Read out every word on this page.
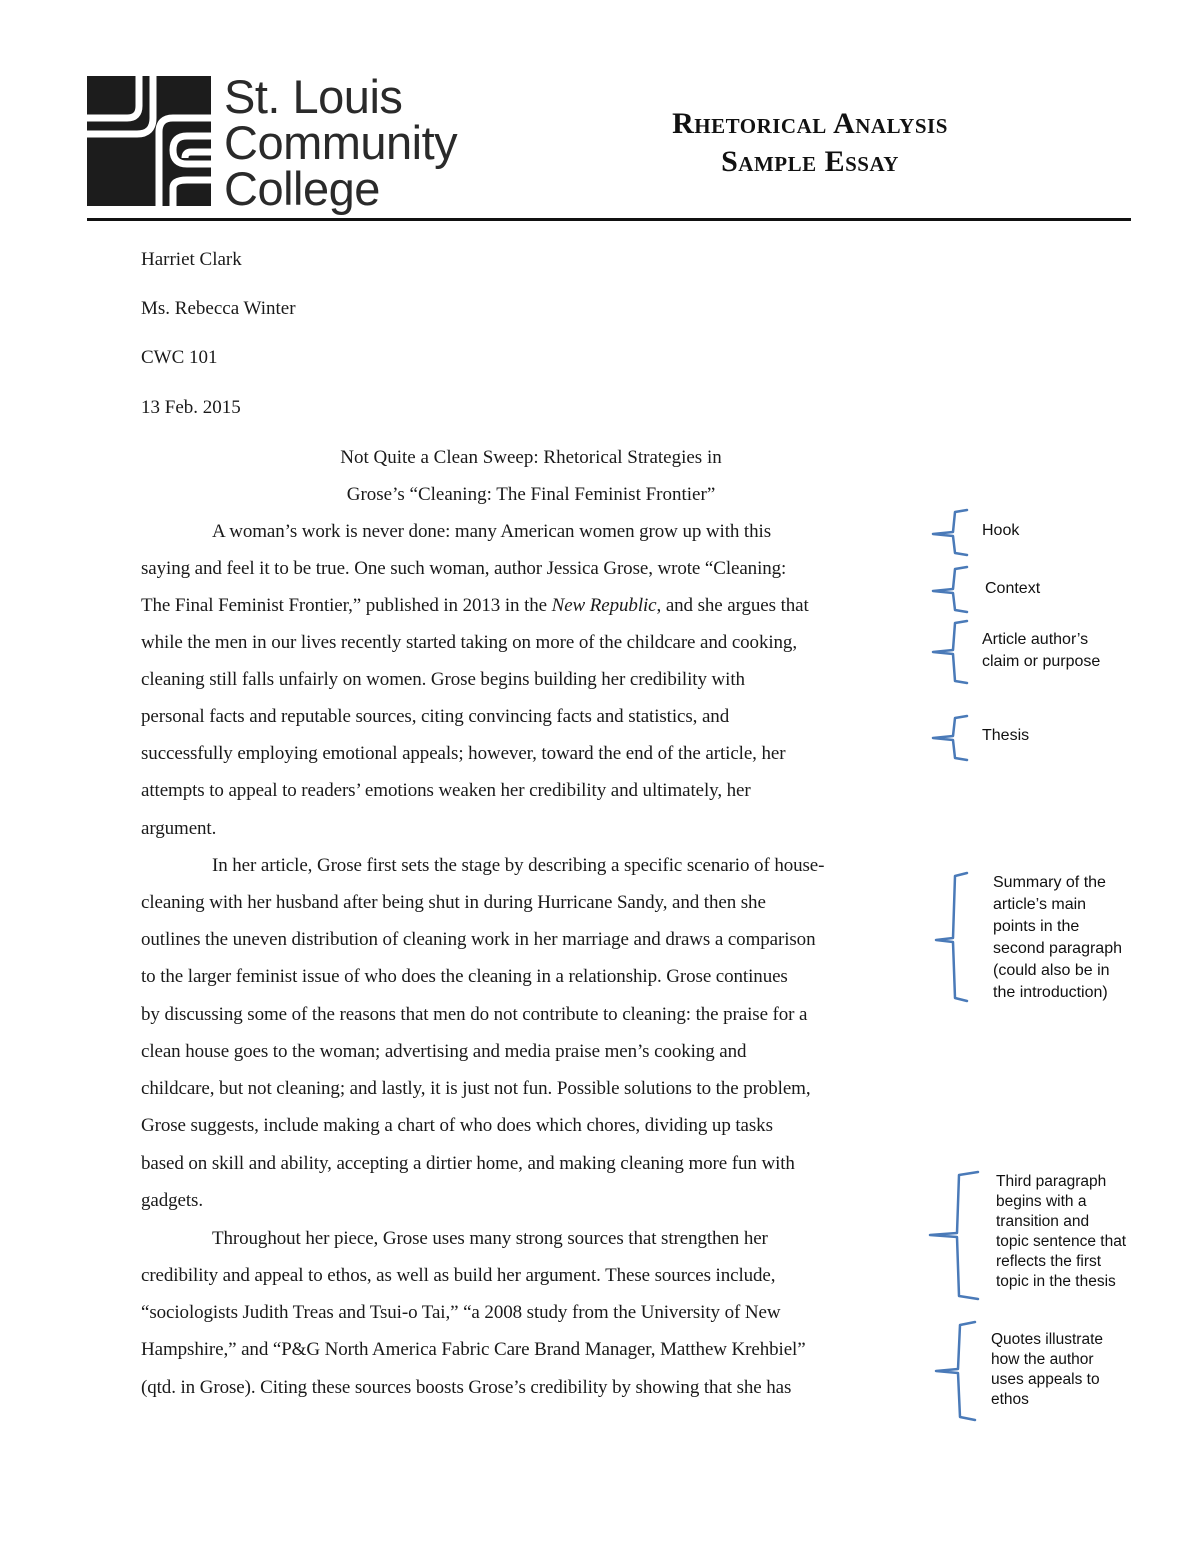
St. Louis
Community
College
Rhetorical Analysis
Sample Essay
Harriet Clark
Ms. Rebecca Winter
CWC 101
13 Feb. 2015
Not Quite a Clean Sweep: Rhetorical Strategies in
Grose’s “Cleaning: The Final Feminist Frontier”
A woman’s work is never done: many American women grow up with this
saying and feel it to be true. One such woman, author Jessica Grose, wrote “Cleaning:
The Final Feminist Frontier,” published in 2013 in the New Republic, and she argues that
while the men in our lives recently started taking on more of the childcare and cooking,
cleaning still falls unfairly on women. Grose begins building her credibility with
personal facts and reputable sources, citing convincing facts and statistics, and
successfully employing emotional appeals; however, toward the end of the article, her
attempts to appeal to readers’ emotions weaken her credibility and ultimately, her
argument.
In her article, Grose first sets the stage by describing a specific scenario of house-
cleaning with her husband after being shut in during Hurricane Sandy, and then she
outlines the uneven distribution of cleaning work in her marriage and draws a comparison
to the larger feminist issue of who does the cleaning in a relationship. Grose continues
by discussing some of the reasons that men do not contribute to cleaning: the praise for a
clean house goes to the woman; advertising and media praise men’s cooking and
childcare, but not cleaning; and lastly, it is just not fun. Possible solutions to the problem,
Grose suggests, include making a chart of who does which chores, dividing up tasks
based on skill and ability, accepting a dirtier home, and making cleaning more fun with
gadgets.
Throughout her piece, Grose uses many strong sources that strengthen her
credibility and appeal to ethos, as well as build her argument. These sources include,
“sociologists Judith Treas and Tsui-o Tai,” “a 2008 study from the University of New
Hampshire,” and “P&G North America Fabric Care Brand Manager, Matthew Krehbiel”
(qtd. in Grose). Citing these sources boosts Grose’s credibility by showing that she has
Hook
Context
Article author’s
claim or purpose
Thesis
Summary of the
article’s main
points in the
second paragraph
(could also be in
the introduction)
Third paragraph
begins with a
transition and
topic sentence that
reflects the first
topic in the thesis
Quotes illustrate
how the author
uses appeals to
ethos
